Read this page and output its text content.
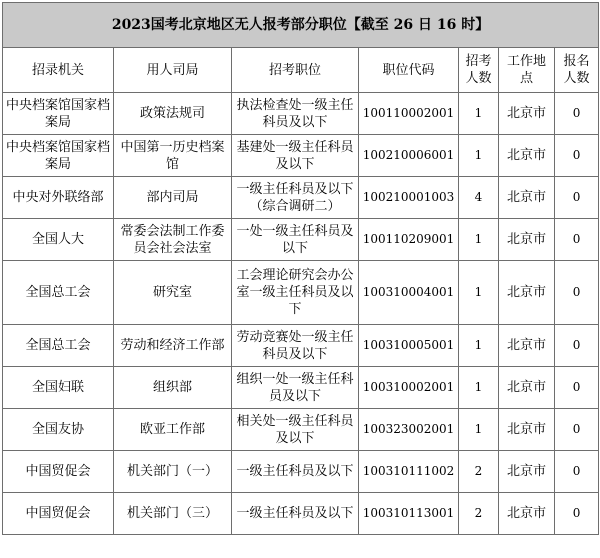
2023国考北京地区无人报考部分职位【截至 26 日 16 时】						
招录机关	用人司局	招考职位	职位代码	招考人数	工作地点	报名人数
中央档案馆国家档案局	政策法规司	执法检查处一级主任科员及以下	100110002001	1	北京市	0
中央档案馆国家档案局	中国第一历史档案馆	基建处一级主任科员及以下	100210006001	1	北京市	0
中央对外联络部	部内司局	一级主任科员及以下（综合调研二）	100210001003	4	北京市	0
全国人大	常委会法制工作委员会社会法室	一处一级主任科员及以下	100110209001	1	北京市	0
全国总工会	研究室	工会理论研究会办公室一级主任科员及以下	100310004001	1	北京市	0
全国总工会	劳动和经济工作部	劳动竞赛处一级主任科员及以下	100310005001	1	北京市	0
全国妇联	组织部	组织一处一级主任科员及以下	100310002001	1	北京市	0
全国友协	欧亚工作部	相关处一级主任科员及以下	100323002001	1	北京市	0
中国贸促会	机关部门（一）	一级主任科员及以下	100310111002	2	北京市	0
中国贸促会	机关部门（三）	一级主任科员及以下	100310113001	2	北京市	0
